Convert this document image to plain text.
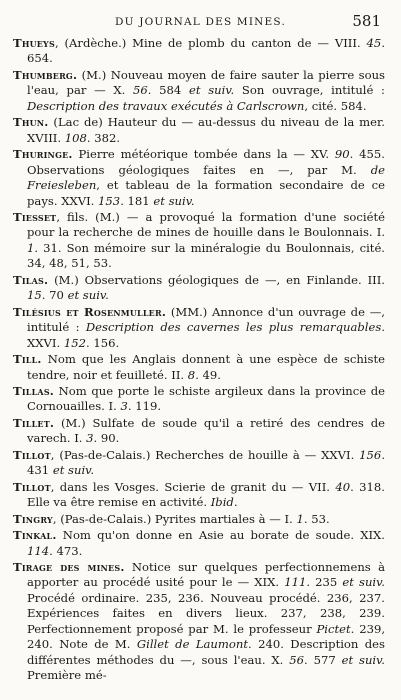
DU JOURNAL DES MINES.	581

Thueys, (Ardèche.) Mine de plomb du canton de — VIII. 45. 654.

Thumberg. (M.) Nouveau moyen de faire sauter la pierre sous l'eau, par — X. 56. 584 et suiv. Son ouvrage, intitulé : Description des travaux exécutés à Carlscrown, cité. 584.

Thun. (Lac de) Hauteur du — au-dessus du niveau de la mer. XVIII. 108. 382.

Thuringe. Pierre météorique tombée dans la — XV. 90. 455. Observations géologiques faites en —, par M. de Freiesleben, et tableau de la formation secondaire de ce pays. XXVI. 153. 181 et suiv.

Tiesset, fils. (M.) — a provoqué la formation d'une société pour la recherche de mines de houille dans le Boulonnais. I. 1. 31. Son mémoire sur la minéralogie du Boulonnais, cité. 34, 48, 51, 53.

Tilas. (M.) Observations géologiques de —, en Finlande. III. 15. 70 et suiv.

Tilésius et Rosenmuller. (MM.) Annonce d'un ouvrage de —, intitulé : Description des cavernes les plus remarquables. XXVI. 152. 156.

Till. Nom que les Anglais donnent à une espèce de schiste tendre, noir et feuilleté. II. 8. 49.

Tillas. Nom que porte le schiste argileux dans la province de Cornouailles. I. 3. 119.

Tillet. (M.) Sulfate de soude qu'il a retiré des cendres de varech. I. 3. 90.

Tillot, (Pas-de-Calais.) Recherches de houille à — XXVI. 156. 431 et suiv.

Tillot, dans les Vosges. Scierie de granit du — VII. 40. 318. Elle va être remise en activité. Ibid.

Tingry, (Pas-de-Calais.) Pyrites martiales à — I. 1. 53.

Tinkal. Nom qu'on donne en Asie au borate de soude. XIX. 114. 473.

Tirage des mines. Notice sur quelques perfectionnemens à apporter au procédé usité pour le — XIX. 111. 235 et suiv. Procédé ordinaire. 235, 236. Nouveau procédé. 236, 237. Expériences faites en divers lieux. 237, 238, 239. Perfectionnement proposé par M. le professeur Pictet. 239, 240. Note de M. Gillet de Laumont. 240. Description des différentes méthodes du —, sous l'eau. X. 56. 577 et suiv. Première mé-
